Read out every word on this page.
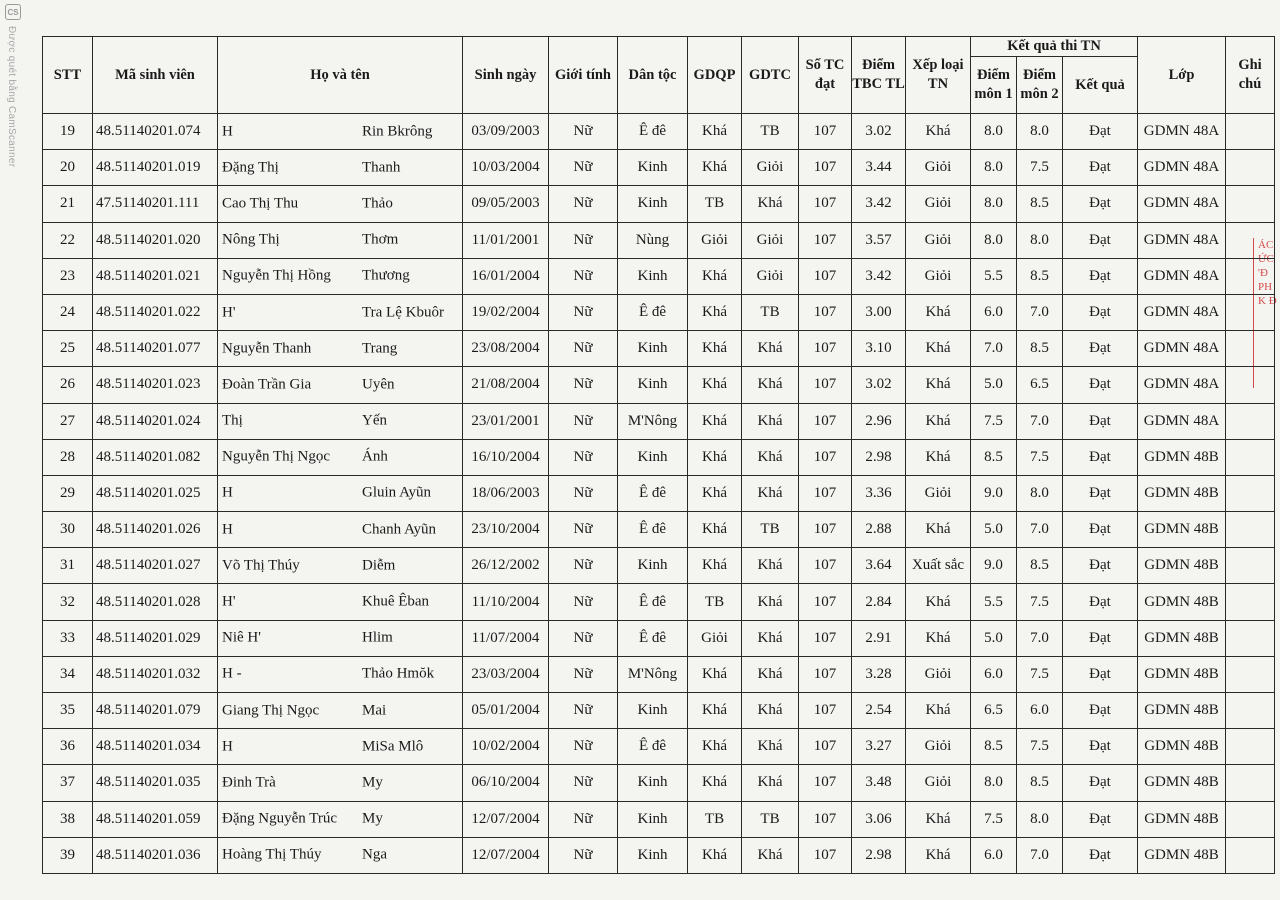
CS
Được quét bằng CamScanner
ÁC
ỨC
'Đ
PH
K Đ
STT	Mã sinh viên	Họ và tên	Sinh ngày	Giới tính	Dân tộc	GDQP	GDTC	Số TC đạt	Điểm TBC TL	Xếp loại TN	Kết quả thi TN			Lớp	Ghi chú
											Điểm môn 1	Điểm môn 2	Kết quả		
19	48.51140201.074	H Rin Bkrông	03/09/2003	Nữ	Ê đê	Khá	TB	107	3.02	Khá	8.0	8.0	Đạt	GDMN 48A	
20	48.51140201.019	Đặng Thị Thanh	10/03/2004	Nữ	Kinh	Khá	Giỏi	107	3.44	Giỏi	8.0	7.5	Đạt	GDMN 48A	
21	47.51140201.111	Cao Thị Thu Thảo	09/05/2003	Nữ	Kinh	TB	Khá	107	3.42	Giỏi	8.0	8.5	Đạt	GDMN 48A	
22	48.51140201.020	Nông Thị Thơm	11/01/2001	Nữ	Nùng	Giỏi	Giỏi	107	3.57	Giỏi	8.0	8.0	Đạt	GDMN 48A	
23	48.51140201.021	Nguyễn Thị Hồng Thương	16/01/2004	Nữ	Kinh	Khá	Giỏi	107	3.42	Giỏi	5.5	8.5	Đạt	GDMN 48A	
24	48.51140201.022	H' Tra Lệ Kbuôr	19/02/2004	Nữ	Ê đê	Khá	TB	107	3.00	Khá	6.0	7.0	Đạt	GDMN 48A	
25	48.51140201.077	Nguyễn Thanh Trang	23/08/2004	Nữ	Kinh	Khá	Khá	107	3.10	Khá	7.0	8.5	Đạt	GDMN 48A	
26	48.51140201.023	Đoàn Trần Gia Uyên	21/08/2004	Nữ	Kinh	Khá	Khá	107	3.02	Khá	5.0	6.5	Đạt	GDMN 48A	
27	48.51140201.024	Thị Yến	23/01/2001	Nữ	M'Nông	Khá	Khá	107	2.96	Khá	7.5	7.0	Đạt	GDMN 48A	
28	48.51140201.082	Nguyễn Thị Ngọc Ánh	16/10/2004	Nữ	Kinh	Khá	Khá	107	2.98	Khá	8.5	7.5	Đạt	GDMN 48B	
29	48.51140201.025	H Gluin Ayũn	18/06/2003	Nữ	Ê đê	Khá	Khá	107	3.36	Giỏi	9.0	8.0	Đạt	GDMN 48B	
30	48.51140201.026	H Chanh Ayũn	23/10/2004	Nữ	Ê đê	Khá	TB	107	2.88	Khá	5.0	7.0	Đạt	GDMN 48B	
31	48.51140201.027	Võ Thị Thúy Diễm	26/12/2002	Nữ	Kinh	Khá	Khá	107	3.64	Xuất sắc	9.0	8.5	Đạt	GDMN 48B	
32	48.51140201.028	H' Khuê Êban	11/10/2004	Nữ	Ê đê	TB	Khá	107	2.84	Khá	5.5	7.5	Đạt	GDMN 48B	
33	48.51140201.029	Niê H' Hlim	11/07/2004	Nữ	Ê đê	Giỏi	Khá	107	2.91	Khá	5.0	7.0	Đạt	GDMN 48B	
34	48.51140201.032	H - Thảo Hmŏk	23/03/2004	Nữ	M'Nông	Khá	Khá	107	3.28	Giỏi	6.0	7.5	Đạt	GDMN 48B	
35	48.51140201.079	Giang Thị Ngọc Mai	05/01/2004	Nữ	Kinh	Khá	Khá	107	2.54	Khá	6.5	6.0	Đạt	GDMN 48B	
36	48.51140201.034	H MiSa Mlô	10/02/2004	Nữ	Ê đê	Khá	Khá	107	3.27	Giỏi	8.5	7.5	Đạt	GDMN 48B	
37	48.51140201.035	Đinh Trà My	06/10/2004	Nữ	Kinh	Khá	Khá	107	3.48	Giỏi	8.0	8.5	Đạt	GDMN 48B	
38	48.51140201.059	Đặng Nguyễn Trúc My	12/07/2004	Nữ	Kinh	TB	TB	107	3.06	Khá	7.5	8.0	Đạt	GDMN 48B	
39	48.51140201.036	Hoàng Thị Thúy Nga	12/07/2004	Nữ	Kinh	Khá	Khá	107	2.98	Khá	6.0	7.0	Đạt	GDMN 48B	
